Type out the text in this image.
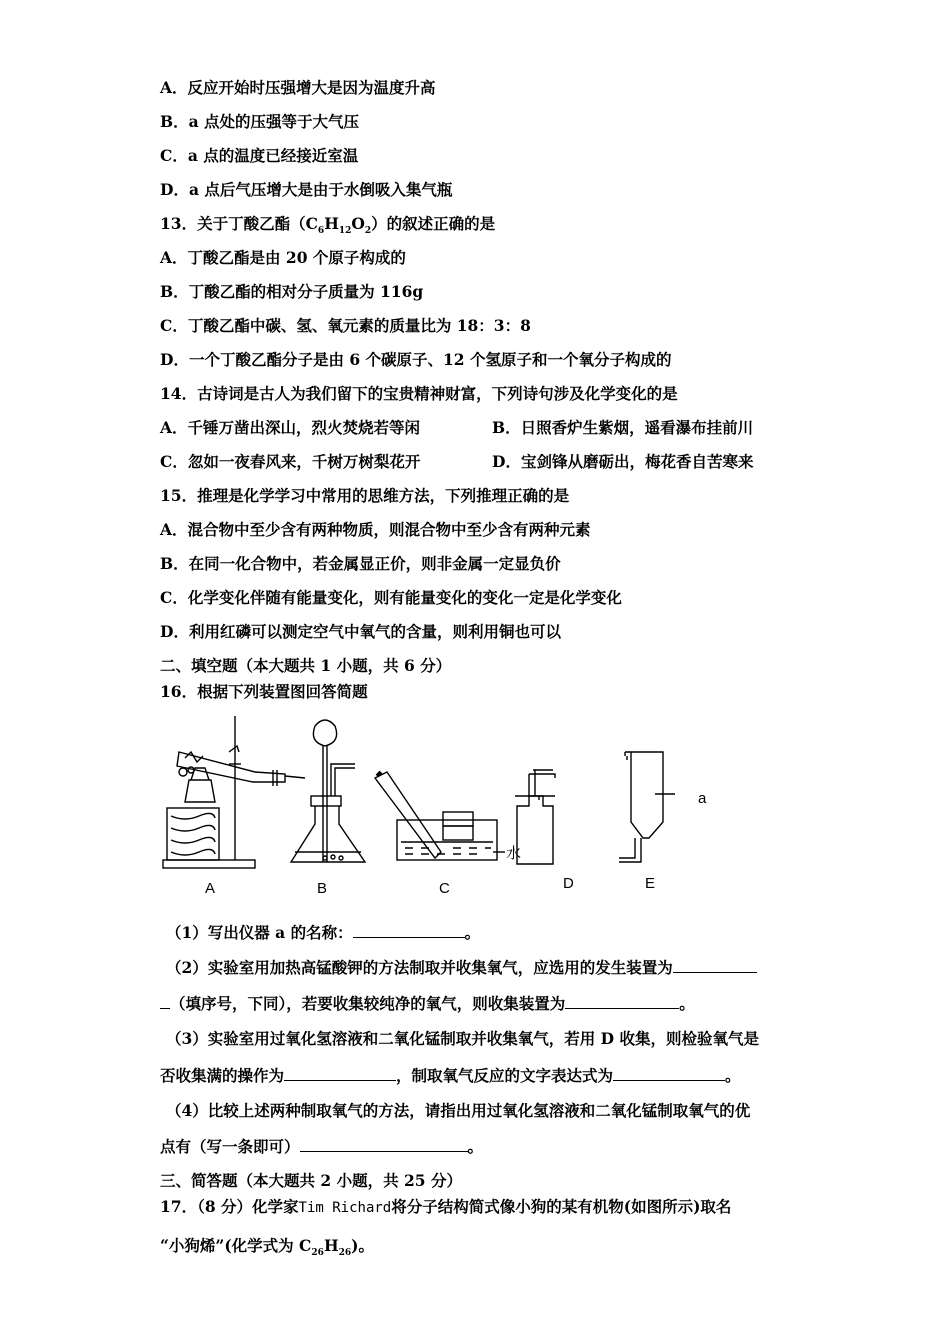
A．反应开始时压强增大是因为温度升高
B．a 点处的压强等于大气压
C．a 点的温度已经接近室温
D．a 点后气压增大是由于水倒吸入集气瓶
13．关于丁酸乙酯$(C_6H_{12}O_2)$的叙述正确的是
A．丁酸乙酯是由 20 个原子构成的
B．丁酸乙酯的相对分子质量为 116g
C．丁酸乙酯中碳、氢、氧元素的质量比为 18：3：8
D．一个丁酸乙酯分子是由 6 个碳原子、12 个氢原子和一个氧分子构成的
14．古诗词是古人为我们留下的宝贵精神财富，下列诗句涉及化学变化的是
A．千锤万凿出深山，烈火焚烧若等闲	B．日照香炉生紫烟，遥看瀑布挂前川
C．忽如一夜春风来，千树万树梨花开	D．宝剑锋从磨砺出，梅花香自苦寒来
15．推理是化学学习中常用的思维方法，下列推理正确的是
A．混合物中至少含有两种物质，则混合物中至少含有两种元素
B．在同一化合物中，若金属显正价，则非金属一定显负价
C．化学变化伴随有能量变化，则有能量变化的变化一定是化学变化
D．利用红磷可以测定空气中氧气的含量，则利用铜也可以
二、填空题（本大题共 1 小题，共 6 分）
16．根据下列装置图回答简题
A	B	C	D	E
水
a
（1）写出仪器 a 的名称：	。
（2）实验室用加热高锰酸钾的方法制取并收集氧气，应选用的发生装置为
（填序号，下同），若要收集较纯净的氧气，则收集装置为	。
（3）实验室用过氧化氢溶液和二氧化锰制取并收集氧气，若用 D 收集，则检验氧气是
否收集满的操作为	，制取氧气反应的文字表达式为	。
（4）比较上述两种制取氧气的方法，请指出用过氧化氢溶液和二氧化锰制取氧气的优
点有（写一条即可）	。
三、简答题（本大题共 2 小题，共 25 分）
17．（8 分）化学家Tim Richard将分子结构简式像小狗的某有机物(如图所示)取名
“小狗烯”(化学式为 $C_{26}H_{26}$)。
